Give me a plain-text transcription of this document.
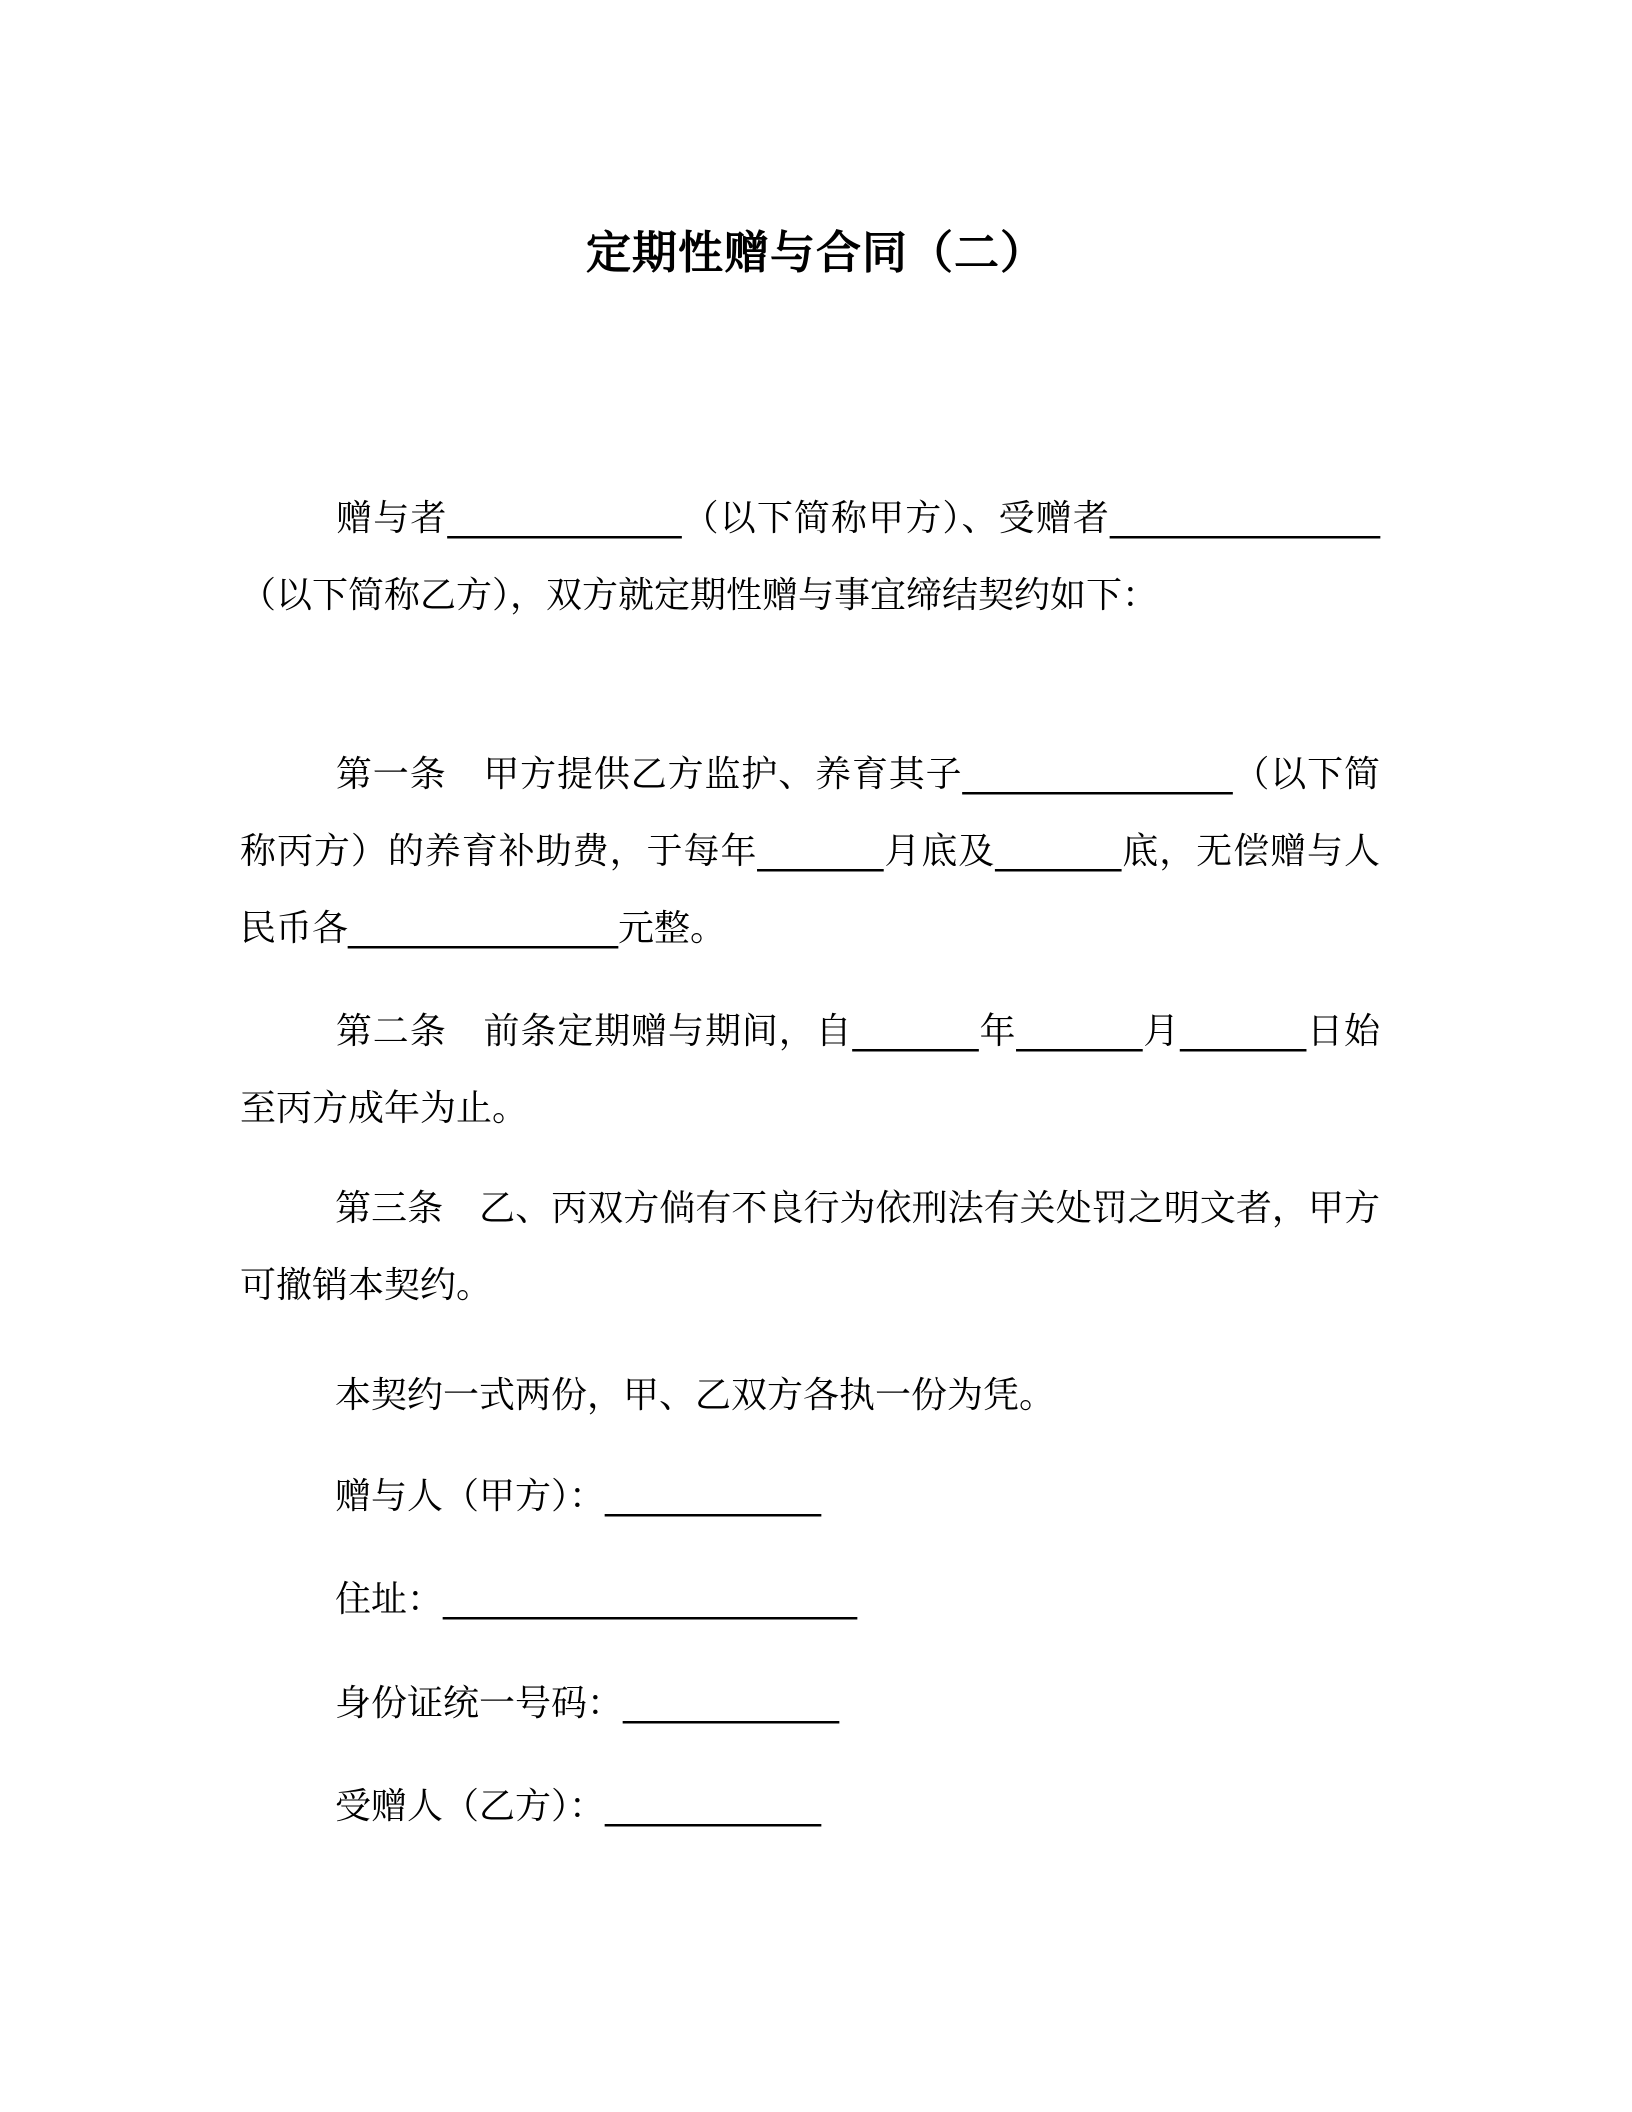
定期性赠与合同（二）
赠与者_____________（以下简称甲方）、受赠者_______________（以下简称乙方），双方就定期性赠与事宜缔结契约如下：
第一条　甲方提供乙方监护、养育其子_______________（以下简称丙方）的养育补助费，于每年_______月底及_______底，无偿赠与人民币各_______________元整。
第二条　前条定期赠与期间，自_______年_______月_______日始至丙方成年为止。
第三条　乙、丙双方倘有不良行为依刑法有关处罚之明文者，甲方可撤销本契约。
本契约一式两份，甲、乙双方各执一份为凭。
赠与人（甲方）：____________
住址：_______________________
身份证统一号码：____________
受赠人（乙方）：____________
